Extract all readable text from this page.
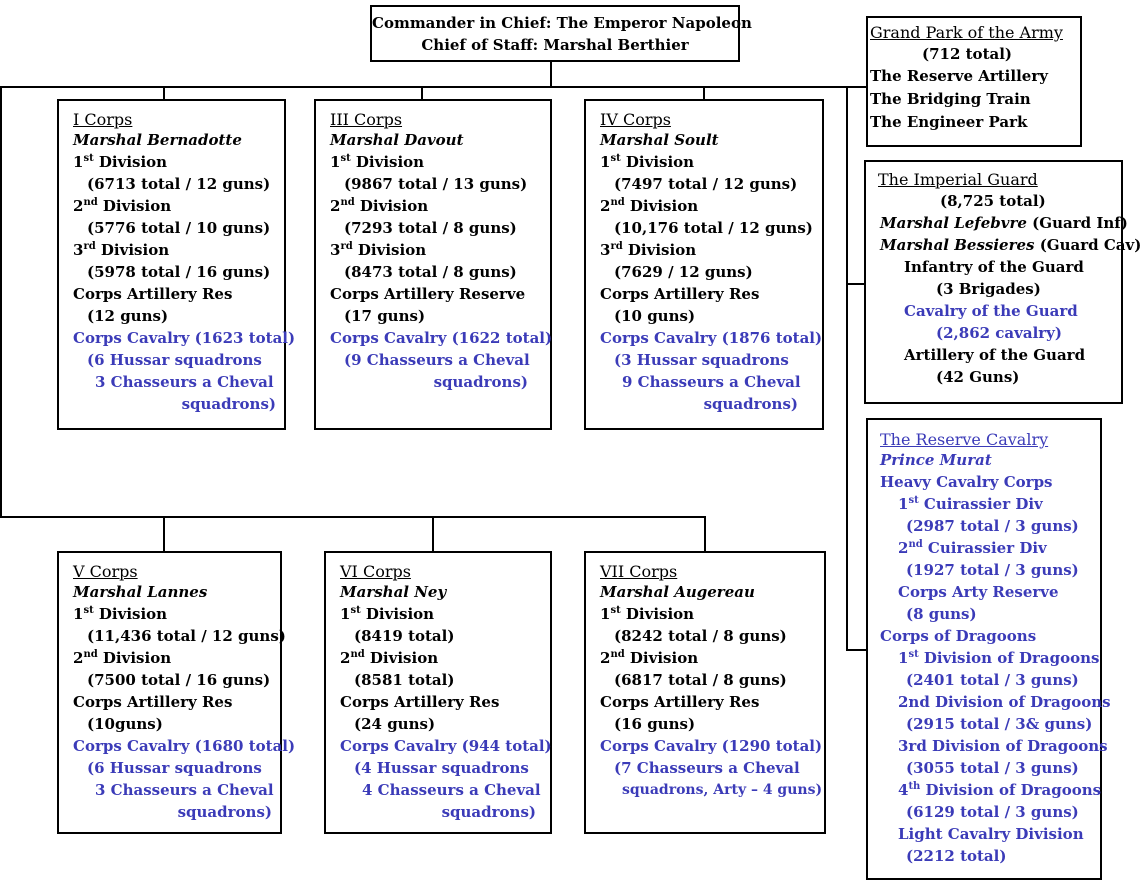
Commander in Chief: The Emperor Napoleon
Chief of Staff: Marshal Berthier
Grand Park of the Army
(712 total)
The Reserve Artillery
The Bridging Train
The Engineer Park
The Imperial Guard
(8,725 total)
Marshal Lefebvre (Guard Inf)
Marshal Bessieres (Guard Cav)
Infantry of the Guard
(3 Brigades)
Cavalry of the Guard
(2,862 cavalry)
Artillery of the Guard
(42 Guns)
I Corps
Marshal Bernadotte
1st Division
(6713 total / 12 guns)
2nd Division
(5776 total / 10 guns)
3rd Division
(5978 total / 16 guns)
Corps Artillery Res
(12 guns)
Corps Cavalry (1623 total)
(6 Hussar squadrons
3 Chasseurs a Cheval
squadrons)
III Corps
Marshal Davout
1st Division
(9867 total / 13 guns)
2nd Division
(7293 total / 8 guns)
3rd Division
(8473 total / 8 guns)
Corps Artillery Reserve
(17 guns)
Corps Cavalry (1622 total)
(9 Chasseurs a Cheval
squadrons)
IV Corps
Marshal Soult
1st Division
(7497 total / 12 guns)
2nd Division
(10,176 total / 12 guns)
3rd Division
(7629 / 12 guns)
Corps Artillery Res
(10 guns)
Corps Cavalry (1876 total)
(3 Hussar squadrons
9 Chasseurs a Cheval
squadrons)
V Corps
Marshal Lannes
1st Division
(11,436 total / 12 guns)
2nd Division
(7500 total / 16 guns)
Corps Artillery Res
(10guns)
Corps Cavalry (1680 total)
(6 Hussar squadrons
3 Chasseurs a Cheval
squadrons)
VI Corps
Marshal Ney
1st Division
(8419 total)
2nd Division
(8581 total)
Corps Artillery Res
(24 guns)
Corps Cavalry (944 total)
(4 Hussar squadrons
4 Chasseurs a Cheval
squadrons)
VII Corps
Marshal Augereau
1st Division
(8242 total / 8 guns)
2nd Division
(6817 total / 8 guns)
Corps Artillery Res
(16 guns)
Corps Cavalry (1290 total)
(7 Chasseurs a Cheval
squadrons, Arty – 4 guns)
The Reserve Cavalry
Prince Murat
Heavy Cavalry Corps
1st Cuirassier Div
(2987 total / 3 guns)
2nd Cuirassier Div
(1927 total / 3 guns)
Corps Arty Reserve
(8 guns)
Corps of Dragoons
1st Division of Dragoons
(2401 total / 3 guns)
2nd Division of Dragoons
(2915 total / 3& guns)
3rd Division of Dragoons
(3055 total / 3 guns)
4th Division of Dragoons
(6129 total / 3 guns)
Light Cavalry Division
(2212 total)
